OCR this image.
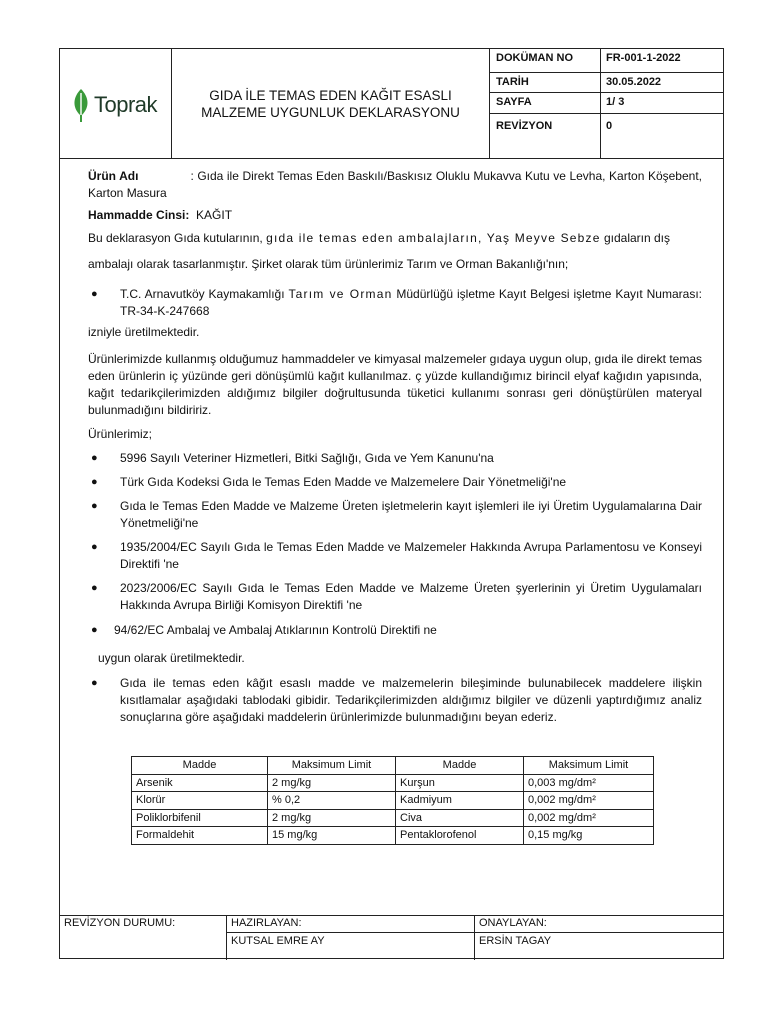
Toprak	GIDA İLE TEMAS EDEN KAĞIT ESASLI MALZEME UYGUNLUK DEKLARASYONU
DOKÜMAN NO	FR-001-1-2022
TARİH	30.05.2022
SAYFA	1/ 3
REVİZYON	0
Ürün Adı	: Gıda ile Direkt Temas Eden Baskılı/Baskısız Oluklu Mukavva Kutu ve Levha, Karton Köşebent, Karton Masura
Hammadde Cinsi: KAĞIT
Bu deklarasyon Gıda kutularının, gıda ile temas eden ambalajların, Yaş Meyve Sebze gıdaların dış
ambalajı olarak tasarlanmıştır. Şirket olarak tüm ürünlerimiz Tarım ve Orman Bakanlığı'nın;
● T.C. Arnavutköy Kaymakamlığı Tarım ve Orman Müdürlüğü işletme Kayıt Belgesi işletme Kayıt Numarası: TR-34-K-247668
izniyle üretilmektedir.
Ürünlerimizde kullanmış olduğumuz hammaddeler ve kimyasal malzemeler gıdaya uygun olup, gıda ile direkt temas eden ürünlerin iç yüzünde geri dönüşümlü kağıt kullanılmaz. ç yüzde kullandığımız birincil elyaf kağıdın yapısında, kağıt tedarikçilerimizden aldığımız bilgiler doğrultusunda tüketici kullanımı sonrası geri dönüştürülen materyal bulunmadığını bildiririz.
Ürünlerimiz;
● 5996 Sayılı Veteriner Hizmetleri, Bitki Sağlığı, Gıda ve Yem Kanunu'na
● Türk Gıda Kodeksi Gıda le Temas Eden Madde ve Malzemelere Dair Yönetmeliği'ne
● Gıda le Temas Eden Madde ve Malzeme Üreten işletmelerin kayıt işlemleri ile iyi Üretim Uygulamalarına Dair Yönetmeliği'ne
● 1935/2004/EC Sayılı Gıda le Temas Eden Madde ve Malzemeler Hakkında Avrupa Parlamentosu ve Konseyi Direktifi 'ne
● 2023/2006/EC Sayılı Gıda le Temas Eden Madde ve Malzeme Üreten şyerlerinin yi Üretim Uygulamaları Hakkında Avrupa Birliği Komisyon Direktifi 'ne
● 94/62/EC Ambalaj ve Ambalaj Atıklarının Kontrolü Direktifi ne
uygun olarak üretilmektedir.
● Gıda ile temas eden kâğıt esaslı madde ve malzemelerin bileşiminde bulunabilecek maddelere ilişkin kısıtlamalar aşağıdaki tablodaki gibidir. Tedarikçilerimizden aldığımız bilgiler ve düzenli yaptırdığımız analiz sonuçlarına göre aşağıdaki maddelerin ürünlerimizde bulunmadığını beyan ederiz.
Madde	Maksimum Limit	Madde	Maksimum Limit
Arsenik	2 mg/kg	Kurşun	0,003 mg/dm²
Klorür	% 0,2	Kadmiyum	0,002 mg/dm²
Poliklorbifenil	2 mg/kg	Civa	0,002 mg/dm²
Formaldehit	15 mg/kg	Pentaklorofenol	0,15 mg/kg
REVİZYON DURUMU:	HAZIRLAYAN:
KUTSAL EMRE AY
ONAYLAYAN:
ERSİN TAGAY
